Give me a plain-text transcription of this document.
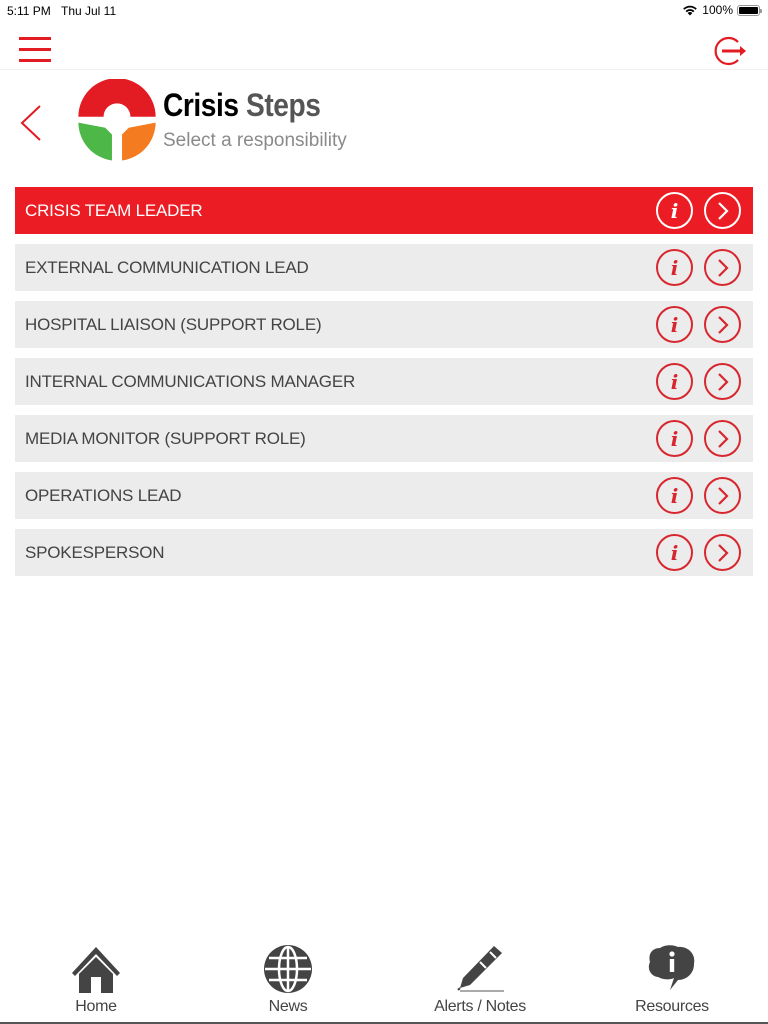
5:11 PM Thu Jul 11	100%
Crisis Steps
Select a responsibility
CRISIS TEAM LEADER	i
EXTERNAL COMMUNICATION LEAD	i
HOSPITAL LIAISON (SUPPORT ROLE)	i
INTERNAL COMMUNICATIONS MANAGER	i
MEDIA MONITOR (SUPPORT ROLE)	i
OPERATIONS LEAD	i
SPOKESPERSON	i
Home	News	Alerts / Notes	Resources
